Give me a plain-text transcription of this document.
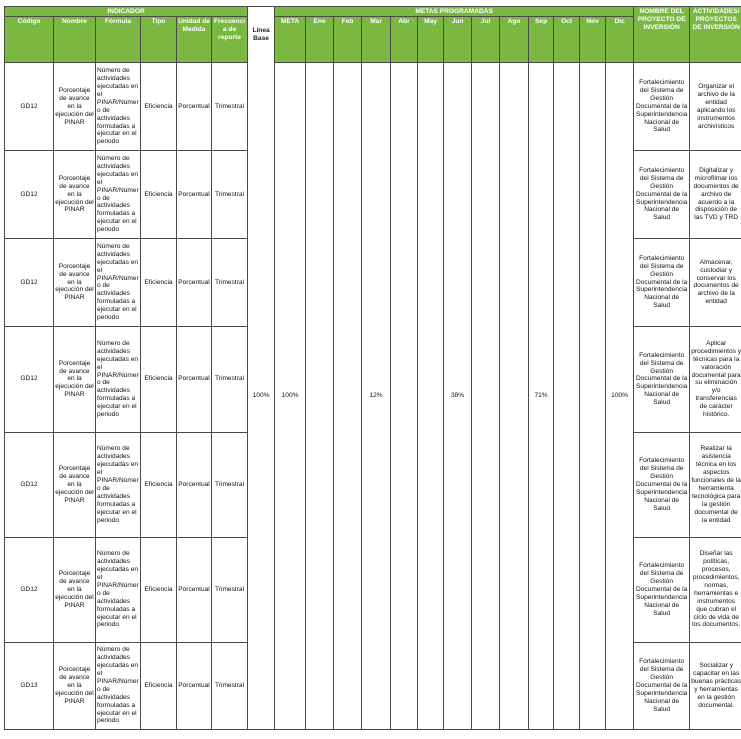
INDICADOR						Línea Base	METAS PROGRAMADAS													NOMBRE DEL PROYECTO DE INVERSIÓN	ACTIVIDADES/ PROYECTOS DE INVERSIÓN
Código	Nombre	Fórmula	Tipo	Unidad de Medida	Frecuencia de reporte		META	Ene	Feb	Mar	Abr	May	Jun	Jul	Ago	Sep	Oct	Nov	Dic		
GD12	Porcentaje de avance en la ejecución del PINAR	Número de actividades ejecutadas en el PINAR/Número de actividades formuladas a ejecutar en el periodo	Eficiencia	Porcentual	Trimestral	100%	100%			12%			38%			71%			100%	Fortalecimiento del Sistema de Gestión Documental de la Superintendencia Nacional de Salud	Organizar el archivo de la entidad aplicando los instrumentos archivísticos
GD12	Porcentaje de avance en la ejecución del PINAR	Número de actividades ejecutadas en el PINAR/Número de actividades formuladas a ejecutar en el periodo	Eficiencia	Porcentual	Trimestral															Fortalecimiento del Sistema de Gestión Documental de la Superintendencia Nacional de Salud	Digitalizar y microfilmar los documentos de archivo de acuerdo a la disposición de las TVD y TRD
GD12	Porcentaje de avance en la ejecución del PINAR	Número de actividades ejecutadas en el PINAR/Número de actividades formuladas a ejecutar en el periodo	Eficiencia	Porcentual	Trimestral															Fortalecimiento del Sistema de Gestión Documental de la Superintendencia Nacional de Salud	Almacenar, custodiar y conservar los documentos de archivo de la entidad
GD12	Porcentaje de avance en la ejecución del PINAR	Número de actividades ejecutadas en el PINAR/Número de actividades formuladas a ejecutar en el periodo	Eficiencia	Porcentual	Trimestral															Fortalecimiento del Sistema de Gestión Documental de la Superintendencia Nacional de Salud	Aplicar procedimientos y técnicas para la valoración documental para su eliminación y/o transferencias de carácter histórico.
GD12	Porcentaje de avance en la ejecución del PINAR	Número de actividades ejecutadas en el PINAR/Número de actividades formuladas a ejecutar en el periodo	Eficiencia	Porcentual	Trimestral															Fortalecimiento del Sistema de Gestión Documental de la Superintendencia Nacional de Salud	Realizar la asistencia técnica en los aspectos funcionales de la herramienta tecnológica para la gestión documental de la entidad
GD12	Porcentaje de avance en la ejecución del PINAR	Número de actividades ejecutadas en el PINAR/Número de actividades formuladas a ejecutar en el periodo	Eficiencia	Porcentual	Trimestral															Fortalecimiento del Sistema de Gestión Documental de la Superintendencia Nacional de Salud	Diseñar las políticas, procesos, procedimientos, normas, herramientas e instrumentos que cubran el ciclo de vida de los documentos.
GD13	Porcentaje de avance en la ejecución del PINAR	Número de actividades ejecutadas en el PINAR/Número de actividades formuladas a ejecutar en el periodo	Eficiencia	Porcentual	Trimestral															Fortalecimiento del Sistema de Gestión Documental de la Superintendencia Nacional de Salud	Socializar y capacitar en las buenas prácticas y herramientas en la gestión documental.
